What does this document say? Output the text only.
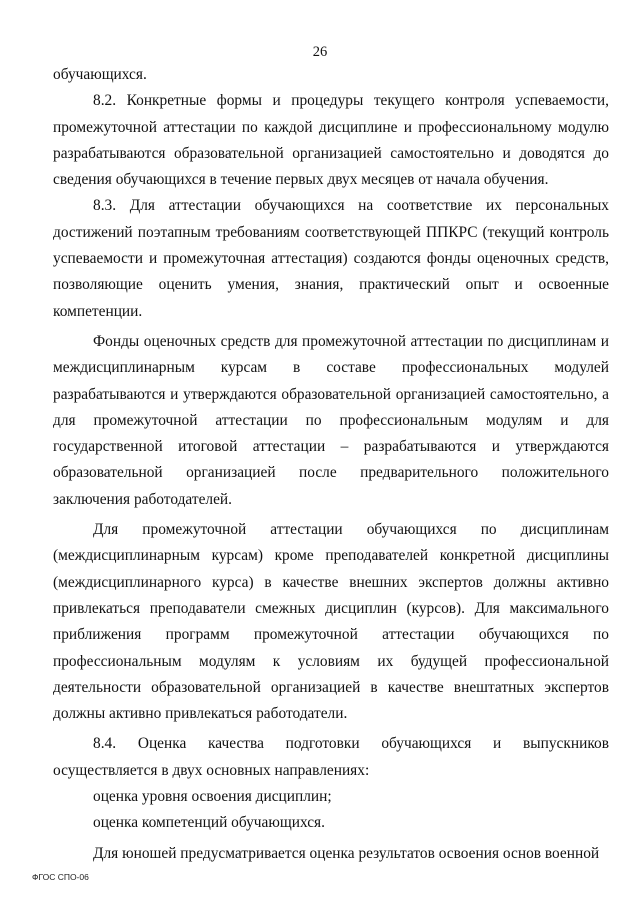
26

обучающихся.

8.2. Конкретные формы и процедуры текущего контроля успеваемости, промежуточной аттестации по каждой дисциплине и профессиональному модулю разрабатываются образовательной организацией самостоятельно и доводятся до сведения обучающихся в течение первых двух месяцев от начала обучения.

8.3. Для аттестации обучающихся на соответствие их персональных достижений поэтапным требованиям соответствующей ППКРС (текущий контроль успеваемости и промежуточная аттестация) создаются фонды оценочных средств, позволяющие оценить умения, знания, практический опыт и освоенные компетенции.

Фонды оценочных средств для промежуточной аттестации по дисциплинам и междисциплинарным курсам в составе профессиональных модулей разрабатываются и утверждаются образовательной организацией самостоятельно, а для промежуточной аттестации по профессиональным модулям и для государственной итоговой аттестации – разрабатываются и утверждаются образовательной организацией после предварительного положительного заключения работодателей.

Для промежуточной аттестации обучающихся по дисциплинам (междисциплинарным курсам) кроме преподавателей конкретной дисциплины (междисциплинарного курса) в качестве внешних экспертов должны активно привлекаться преподаватели смежных дисциплин (курсов). Для максимального приближения программ промежуточной аттестации обучающихся по профессиональным модулям к условиям их будущей профессиональной деятельности образовательной организацией в качестве внештатных экспертов должны активно привлекаться работодатели.

8.4. Оценка качества подготовки обучающихся и выпускников осуществляется в двух основных направлениях:

оценка уровня освоения дисциплин;

оценка компетенций обучающихся.

Для юношей предусматривается оценка результатов освоения основ военной

ФГОС СПО-06
